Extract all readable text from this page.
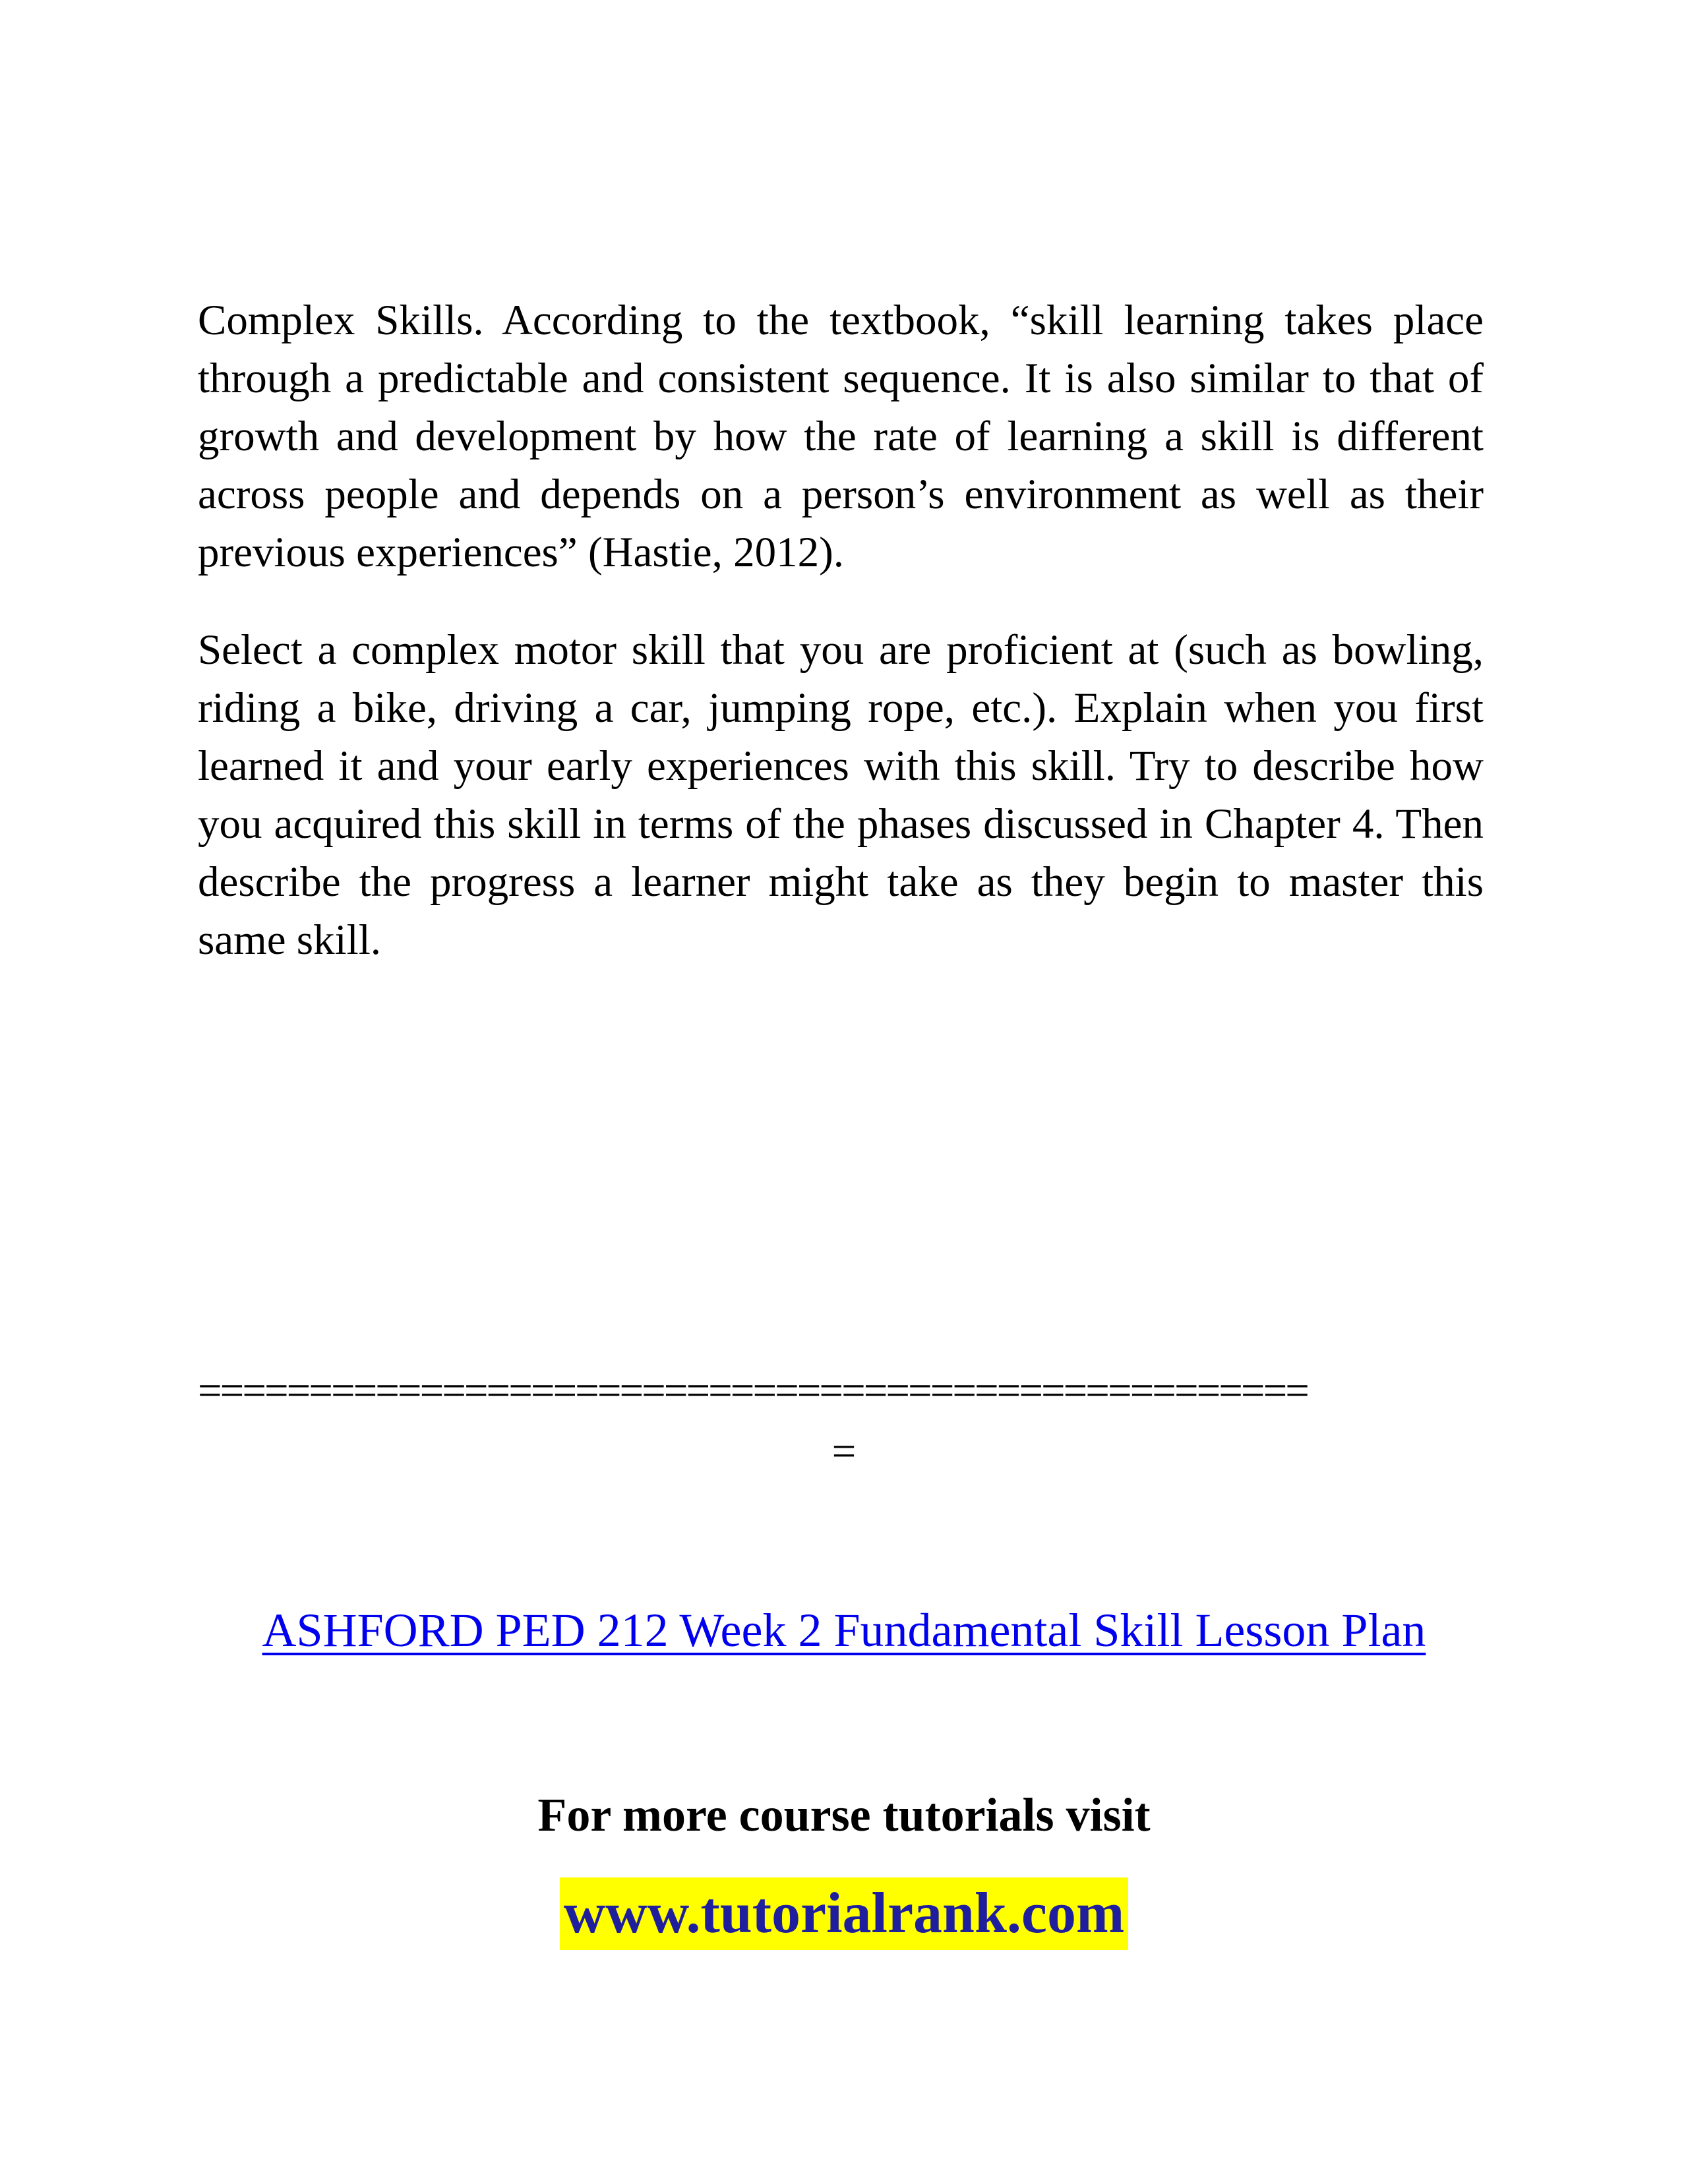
Complex Skills. According to the textbook, “skill learning takes place through a predictable and consistent sequence. It is also similar to that of growth and development by how the rate of learning a skill is different across people and depends on a person’s environment as well as their previous experiences” (Hastie, 2012).

Select a complex motor skill that you are proficient at (such as bowling, riding a bike, driving a car, jumping rope, etc.). Explain when you first learned it and your early experiences with this skill. Try to describe how you acquired this skill in terms of the phases discussed in Chapter 4. Then describe the progress a learner might take as they begin to master this same skill.

==================================================
=
ASHFORD PED 212 Week 2 Fundamental Skill Lesson Plan
For more course tutorials visit
www.tutorialrank.com
